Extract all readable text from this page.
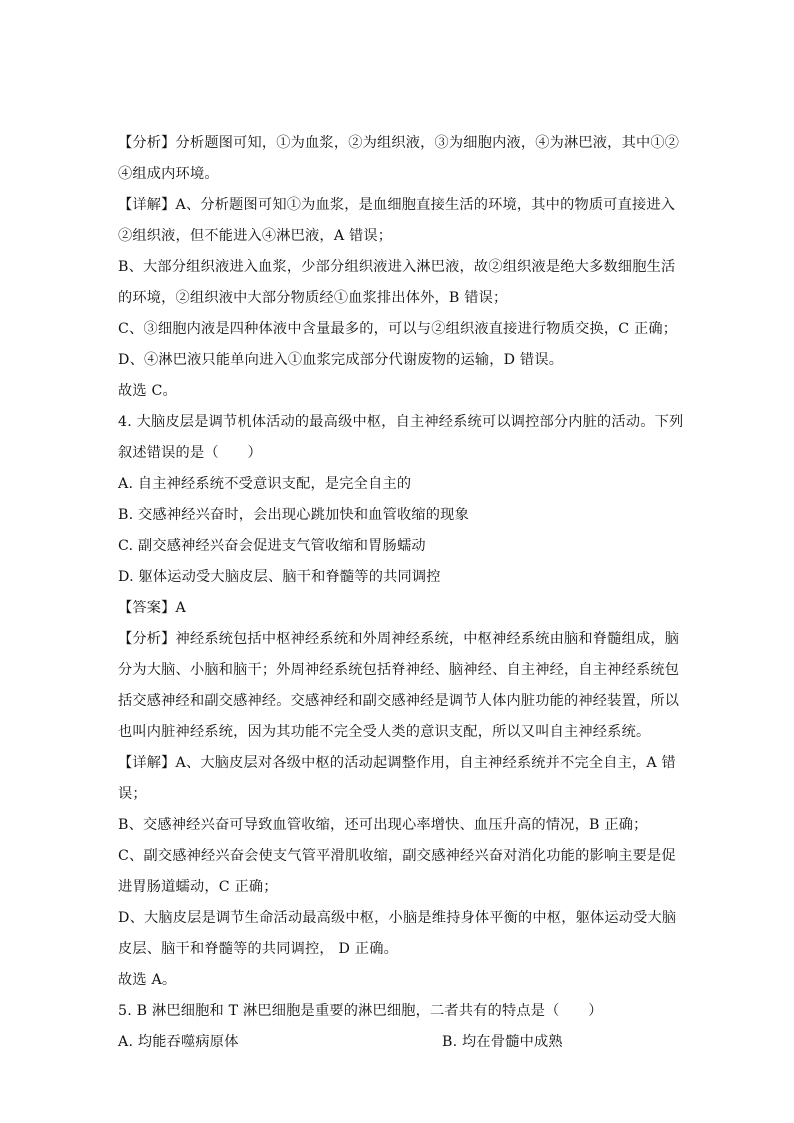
【分析】分析题图可知，①为血浆，②为组织液，③为细胞内液，④为淋巴液，其中①②
④组成内环境。
【详解】A、分析题图可知①为血浆，是血细胞直接生活的环境，其中的物质可直接进入
②组织液，但不能进入④淋巴液，A 错误；
B、大部分组织液进入血浆，少部分组织液进入淋巴液，故②组织液是绝大多数细胞生活
的环境，②组织液中大部分物质经①血浆排出体外，B 错误；
C、③细胞内液是四种体液中含量最多的，可以与②组织液直接进行物质交换，C 正确；
D、④淋巴液只能单向进入①血浆完成部分代谢废物的运输，D 错误。
故选 C。
4. 大脑皮层是调节机体活动的最高级中枢，自主神经系统可以调控部分内脏的活动。下列
叙述错误的是（　　）
A. 自主神经系统不受意识支配，是完全自主的
B. 交感神经兴奋时，会出现心跳加快和血管收缩的现象
C. 副交感神经兴奋会促进支气管收缩和胃肠蠕动
D. 躯体运动受大脑皮层、脑干和脊髓等的共同调控
【答案】A
【分析】神经系统包括中枢神经系统和外周神经系统，中枢神经系统由脑和脊髓组成，脑
分为大脑、小脑和脑干；外周神经系统包括脊神经、脑神经、自主神经，自主神经系统包
括交感神经和副交感神经。交感神经和副交感神经是调节人体内脏功能的神经装置，所以
也叫内脏神经系统，因为其功能不完全受人类的意识支配，所以又叫自主神经系统。
【详解】A、大脑皮层对各级中枢的活动起调整作用，自主神经系统并不完全自主，A 错
误；
B、交感神经兴奋可导致血管收缩，还可出现心率增快、血压升高的情况，B 正确；
C、副交感神经兴奋会使支气管平滑肌收缩，副交感神经兴奋对消化功能的影响主要是促
进胃肠道蠕动，C 正确；
D、大脑皮层是调节生命活动最高级中枢，小脑是维持身体平衡的中枢，躯体运动受大脑
皮层、脑干和脊髓等的共同调控， D 正确。
故选 A。
5. B 淋巴细胞和 T 淋巴细胞是重要的淋巴细胞，二者共有的特点是（　　）
A. 均能吞噬病原体	B. 均在骨髓中成熟
